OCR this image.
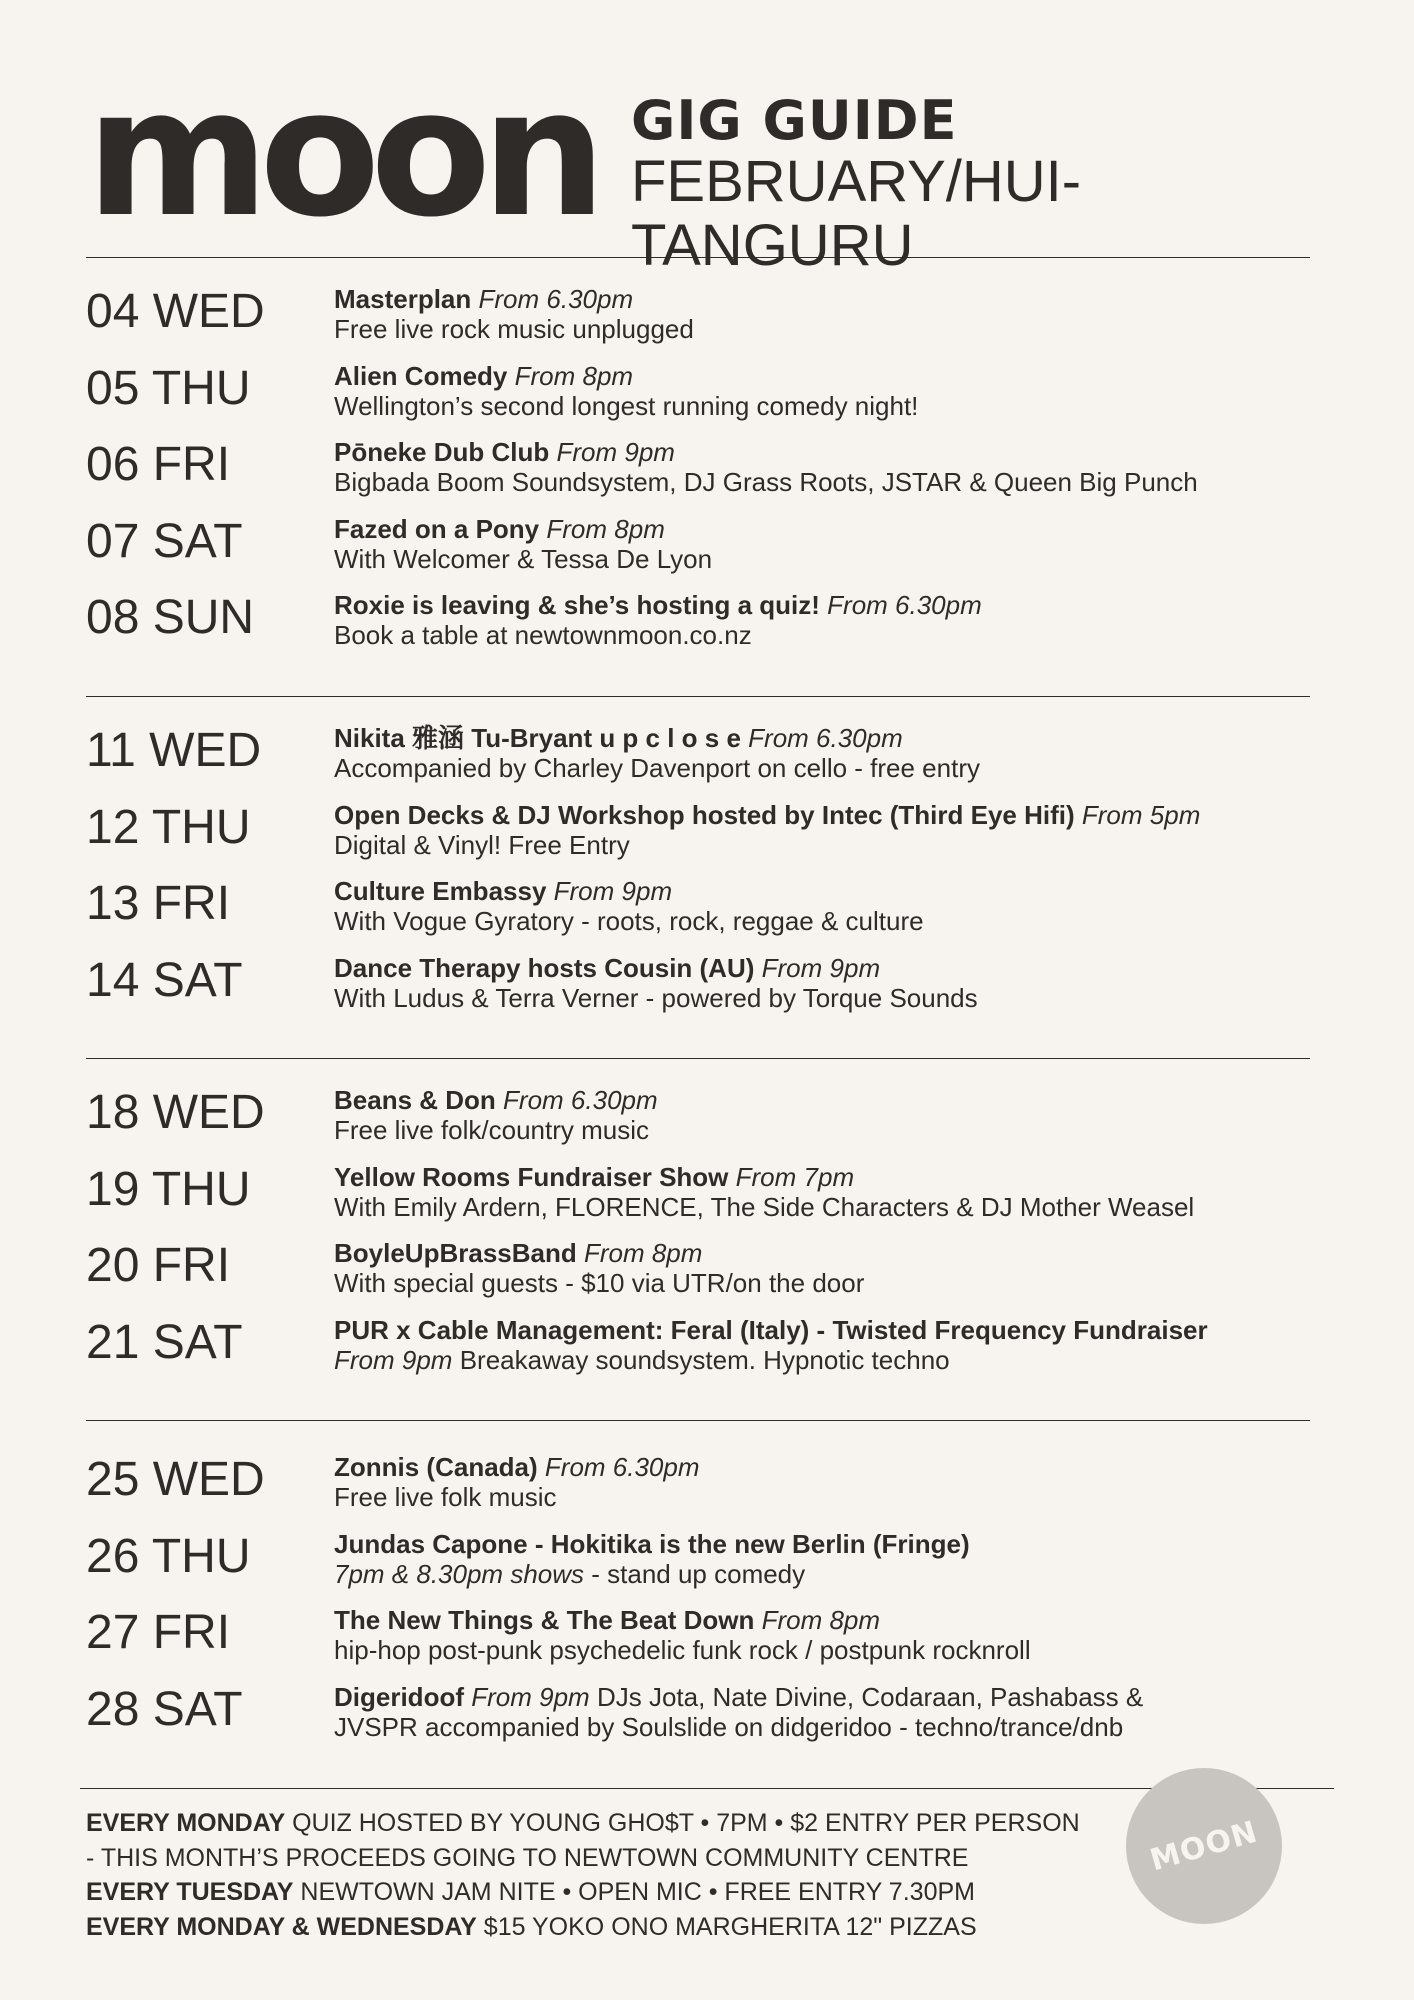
moon GIG GUIDE
FEBRUARY/HUI-TANGURU
04 WED	Masterplan From 6.30pm
Free live rock music unplugged
05 THU	Alien Comedy From 8pm
Wellington’s second longest running comedy night!
06 FRI	Pōneke Dub Club From 9pm
Bigbada Boom Soundsystem, DJ Grass Roots, JSTAR & Queen Big Punch
07 SAT	Fazed on a Pony From 8pm
With Welcomer & Tessa De Lyon
08 SUN	Roxie is leaving & she’s hosting a quiz! From 6.30pm
Book a table at newtownmoon.co.nz
11 WED	Nikita 雅涵 Tu-Bryant u p c l o s e From 6.30pm
Accompanied by Charley Davenport on cello - free entry
12 THU	Open Decks & DJ Workshop hosted by Intec (Third Eye Hifi) From 5pm
Digital & Vinyl! Free Entry
13 FRI	Culture Embassy From 9pm
With Vogue Gyratory - roots, rock, reggae & culture
14 SAT	Dance Therapy hosts Cousin (AU) From 9pm
With Ludus & Terra Verner - powered by Torque Sounds
18 WED	Beans & Don From 6.30pm
Free live folk/country music
19 THU	Yellow Rooms Fundraiser Show From 7pm
With Emily Ardern, FLORENCE, The Side Characters & DJ Mother Weasel
20 FRI	BoyleUpBrassBand From 8pm
With special guests - $10 via UTR/on the door
21 SAT	PUR x Cable Management: Feral (Italy) - Twisted Frequency Fundraiser
From 9pm Breakaway soundsystem. Hypnotic techno
25 WED	Zonnis (Canada) From 6.30pm
Free live folk music
26 THU	Jundas Capone - Hokitika is the new Berlin (Fringe)
7pm & 8.30pm shows - stand up comedy
27 FRI	The New Things & The Beat Down From 8pm
hip-hop post-punk psychedelic funk rock / postpunk rocknroll
28 SAT	Digeridoof From 9pm DJs Jota, Nate Divine, Codaraan, Pashabass &
JVSPR accompanied by Soulslide on didgeridoo - techno/trance/dnb
EVERY MONDAY QUIZ HOSTED BY YOUNG GHO$T • 7PM • $2 ENTRY PER PERSON
- THIS MONTH’S PROCEEDS GOING TO NEWTOWN COMMUNITY CENTRE
EVERY TUESDAY NEWTOWN JAM NITE • OPEN MIC • FREE ENTRY 7.30PM
EVERY MONDAY & WEDNESDAY $15 YOKO ONO MARGHERITA 12" PIZZAS
MOON
